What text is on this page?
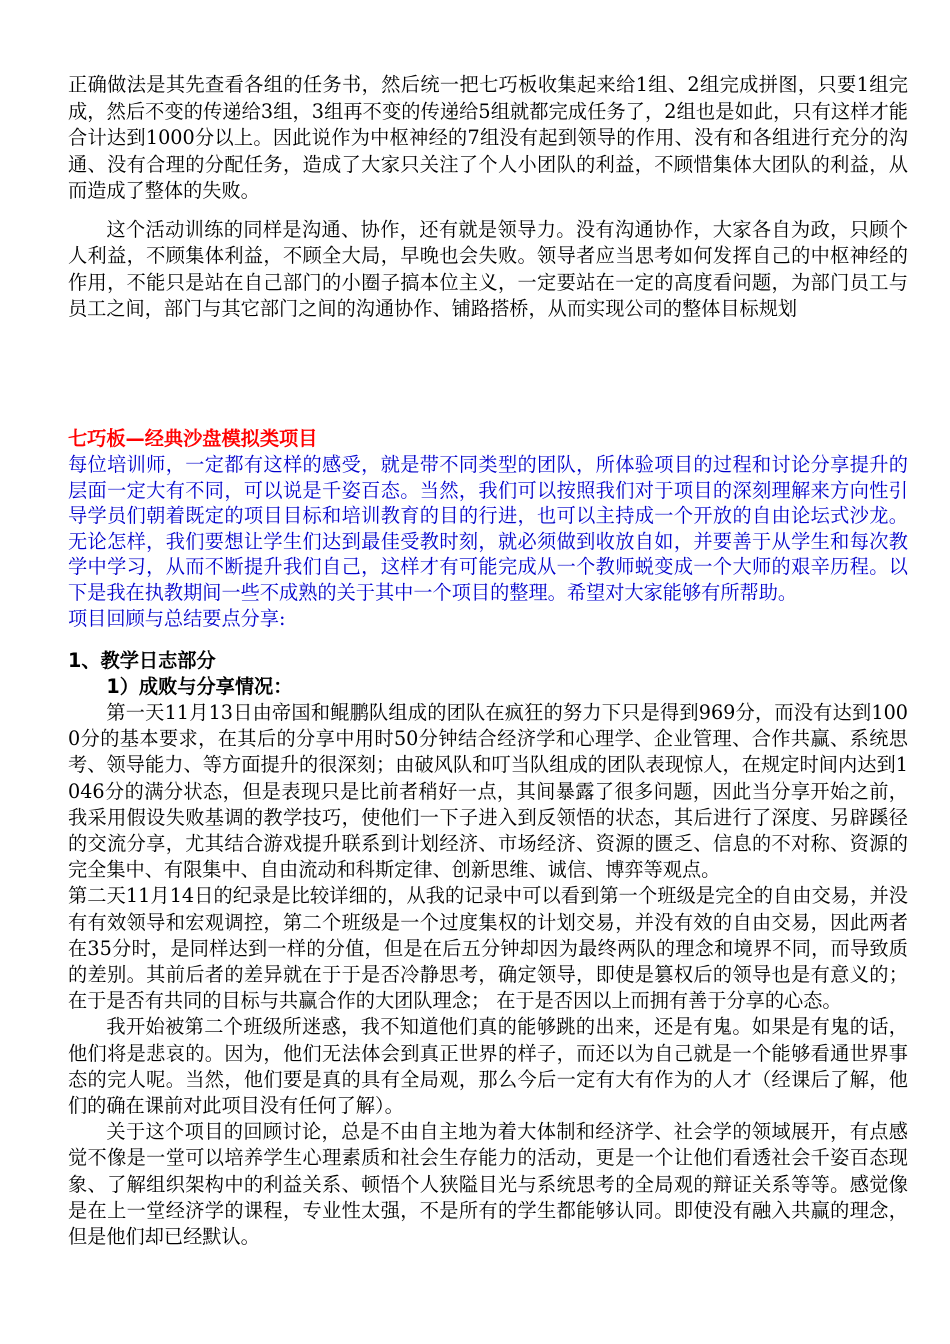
正确做法是其先查看各组的任务书，然后统一把七巧板收集起来给1组、2组完成拼图，只要1组完成，然后不变的传递给3组，3组再不变的传递给5组就都完成任务了，2组也是如此，只有这样才能合计达到1000分以上。因此说作为中枢神经的7组没有起到领导的作用、没有和各组进行充分的沟通、没有合理的分配任务，造成了大家只关注了个人小团队的利益，不顾惜集体大团队的利益，从而造成了整体的失败。

这个活动训练的同样是沟通、协作，还有就是领导力。没有沟通协作，大家各自为政，只顾个人利益，不顾集体利益，不顾全大局，早晚也会失败。领导者应当思考如何发挥自己的中枢神经的作用，不能只是站在自己部门的小圈子搞本位主义，一定要站在一定的高度看问题，为部门员工与员工之间，部门与其它部门之间的沟通协作、铺路搭桥，从而实现公司的整体目标规划

七巧板—经典沙盘模拟类项目

每位培训师，一定都有这样的感受，就是带不同类型的团队，所体验项目的过程和讨论分享提升的层面一定大有不同，可以说是千姿百态。当然，我们可以按照我们对于项目的深刻理解来方向性引导学员们朝着既定的项目目标和培训教育的目的行进，也可以主持成一个开放的自由论坛式沙龙。无论怎样，我们要想让学生们达到最佳受教时刻，就必须做到收放自如，并要善于从学生和每次教学中学习，从而不断提升我们自己，这样才有可能完成从一个教师蜕变成一个大师的艰辛历程。以下是我在执教期间一些不成熟的关于其中一个项目的整理。希望对大家能够有所帮助。

项目回顾与总结要点分享:

1、教学日志部分

1）成败与分享情况：

第一天11月13日由帝国和鲲鹏队组成的团队在疯狂的努力下只是得到969分，而没有达到1000分的基本要求，在其后的分享中用时50分钟结合经济学和心理学、企业管理、合作共赢、系统思考、领导能力、等方面提升的很深刻；由破风队和叮当队组成的团队表现惊人，在规定时间内达到1046分的满分状态，但是表现只是比前者稍好一点，其间暴露了很多问题，因此当分享开始之前，我采用假设失败基调的教学技巧，使他们一下子进入到反领悟的状态，其后进行了深度、另辟蹊径的交流分享，尤其结合游戏提升联系到计划经济、市场经济、资源的匮乏、信息的不对称、资源的完全集中、有限集中、自由流动和科斯定律、创新思维、诚信、博弈等观点。

第二天11月14日的纪录是比较详细的，从我的记录中可以看到第一个班级是完全的自由交易，并没有有效领导和宏观调控，第二个班级是一个过度集权的计划交易，并没有效的自由交易，因此两者在35分时，是同样达到一样的分值，但是在后五分钟却因为最终两队的理念和境界不同，而导致质的差别。其前后者的差异就在于于是否冷静思考，确定领导，即使是篡权后的领导也是有意义的；在于是否有共同的目标与共赢合作的大团队理念； 在于是否因以上而拥有善于分享的心态。

我开始被第二个班级所迷惑，我不知道他们真的能够跳的出来，还是有鬼。如果是有鬼的话，他们将是悲哀的。因为，他们无法体会到真正世界的样子，而还以为自己就是一个能够看通世界事态的完人呢。当然，他们要是真的具有全局观，那么今后一定有大有作为的人才（经课后了解，他们的确在课前对此项目没有任何了解）。

关于这个项目的回顾讨论，总是不由自主地为着大体制和经济学、社会学的领域展开，有点感觉不像是一堂可以培养学生心理素质和社会生存能力的活动，更是一个让他们看透社会千姿百态现象、了解组织架构中的利益关系、顿悟个人狭隘目光与系统思考的全局观的辩证关系等等。感觉像是在上一堂经济学的课程，专业性太强，不是所有的学生都能够认同。即使没有融入共赢的理念，但是他们却已经默认。
